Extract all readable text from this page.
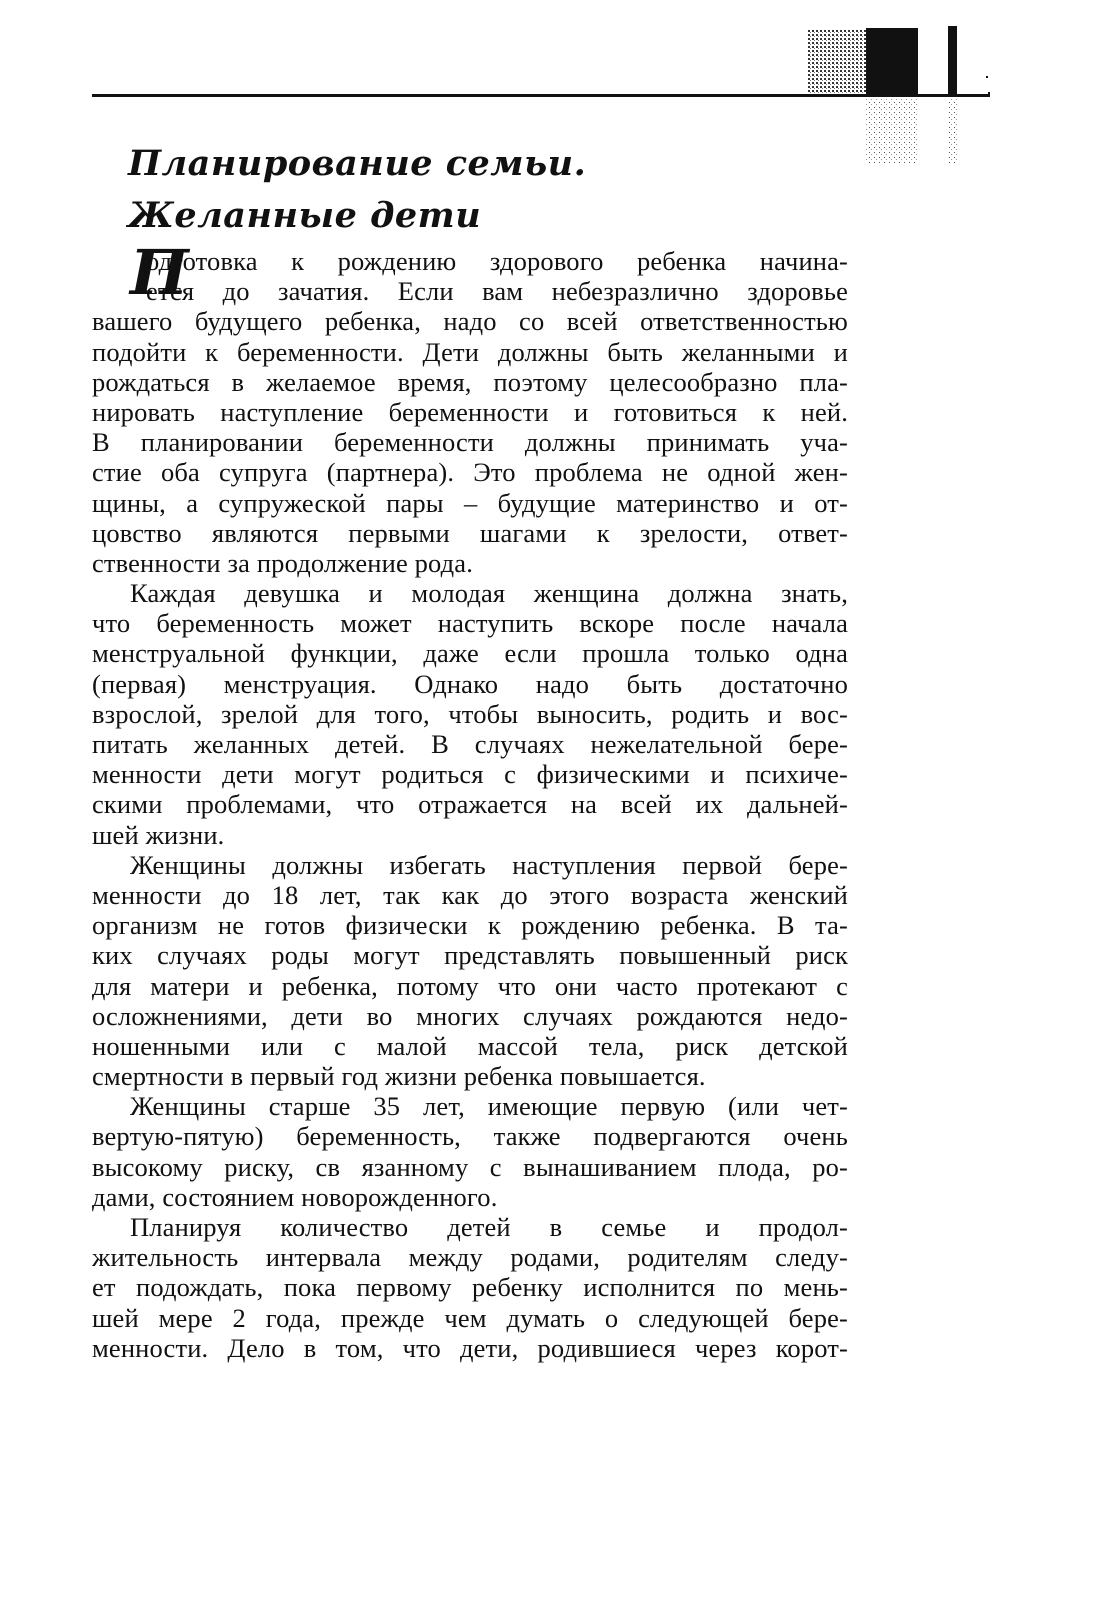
Планирование семьи.
Желанные дети
П
одготовка к рождению здорового ребенка начина-
ется до зачатия. Если вам небезразлично здоровье
вашего будущего ребенка, надо со всей ответственностью
подойти к беременности. Дети должны быть желанными и
рождаться в желаемое время, поэтому целесообразно пла-
нировать наступление беременности и готовиться к ней.
В планировании беременности должны принимать уча-
стие оба супруга (партнера). Это проблема не одной жен-
щины, а супружеской пары – будущие материнство и от-
цовство являются первыми шагами к зрелости, ответ-
ственности за продолжение рода.
Каждая девушка и молодая женщина должна знать,
что беременность может наступить вскоре после начала
менструальной функции, даже если прошла только одна
(первая) менструация. Однако надо быть достаточно
взрослой, зрелой для того, чтобы выносить, родить и вос-
питать желанных детей. В случаях нежелательной бере-
менности дети могут родиться с физическими и психиче-
скими проблемами, что отражается на всей их дальней-
шей жизни.
Женщины должны избегать наступления первой бере-
менности до 18 лет, так как до этого возраста женский
организм не готов физически к рождению ребенка. В та-
ких случаях роды могут представлять повышенный риск
для матери и ребенка, потому что они часто протекают с
осложнениями, дети во многих случаях рождаются недо-
ношенными или с малой массой тела, риск детской
смертности в первый год жизни ребенка повышается.
Женщины старше 35 лет, имеющие первую (или чет-
вертую-пятую) беременность, также подвергаются очень
высокому риску, св язанному с вынашиванием плода, ро-
дами, состоянием новорожденного.
Планируя количество детей в семье и продол-
жительность интервала между родами, родителям следу-
ет подождать, пока первому ребенку исполнится по мень-
шей мере 2 года, прежде чем думать о следующей бере-
менности. Дело в том, что дети, родившиеся через корот-
